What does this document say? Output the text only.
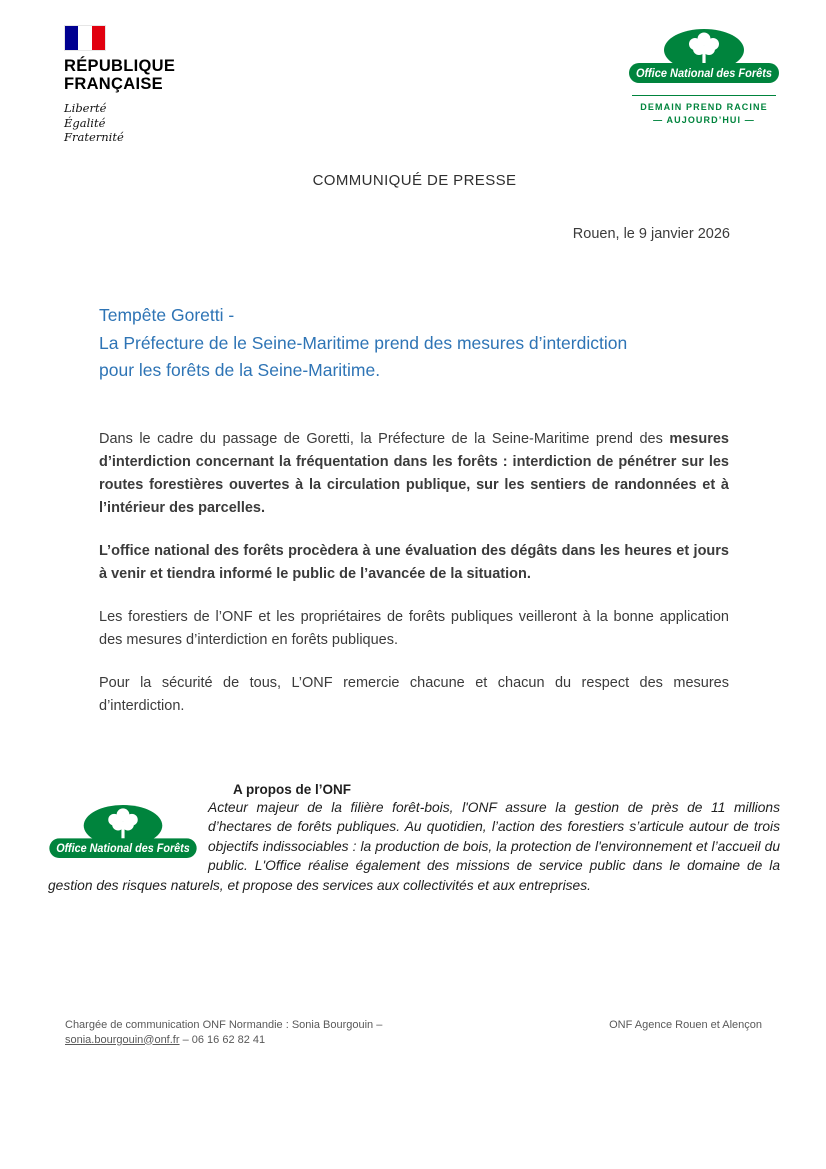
RÉPUBLIQUE
FRANÇAISE
Liberté
Égalité
Fraternité
Office National des Forêts
DEMAIN PREND RACINE
— AUJOURD’HUI —
COMMUNIQUÉ DE PRESSE
Rouen, le 9 janvier 2026
Tempête Goretti -
La Préfecture de le Seine-Maritime prend des mesures d’interdiction
pour les forêts de la Seine-Maritime.

Dans le cadre du passage de Goretti, la Préfecture de la Seine-Maritime prend des mesures d’interdiction concernant la fréquentation dans les forêts : interdiction de pénétrer sur les routes forestières ouvertes à la circulation publique, sur les sentiers de randonnées et à l’intérieur des parcelles.

L’office national des forêts procèdera à une évaluation des dégâts dans les heures et jours à venir et tiendra informé le public de l’avancée de la situation.

Les forestiers de l’ONF et les propriétaires de forêts publiques veilleront à la bonne application des mesures d’interdiction en forêts publiques.

Pour la sécurité de tous, L’ONF remercie chacune et chacun du respect des mesures d’interdiction.

A propos de l’ONF
Office National des Forêts
Acteur majeur de la filière forêt-bois, l'ONF assure la gestion de près de 11 millions d’hectares de forêts publiques. Au quotidien, l’action des forestiers s’articule autour de trois objectifs indissociables : la production de bois, la protection de l'environnement et l’accueil du public. L'Office réalise également des missions de service public dans le domaine de la gestion des risques naturels, et propose des services aux collectivités et aux entreprises.
Chargée de communication ONF Normandie : Sonia Bourgouin –
sonia.bourgouin@onf.fr – 06 16 62 82 41
ONF Agence Rouen et Alençon
